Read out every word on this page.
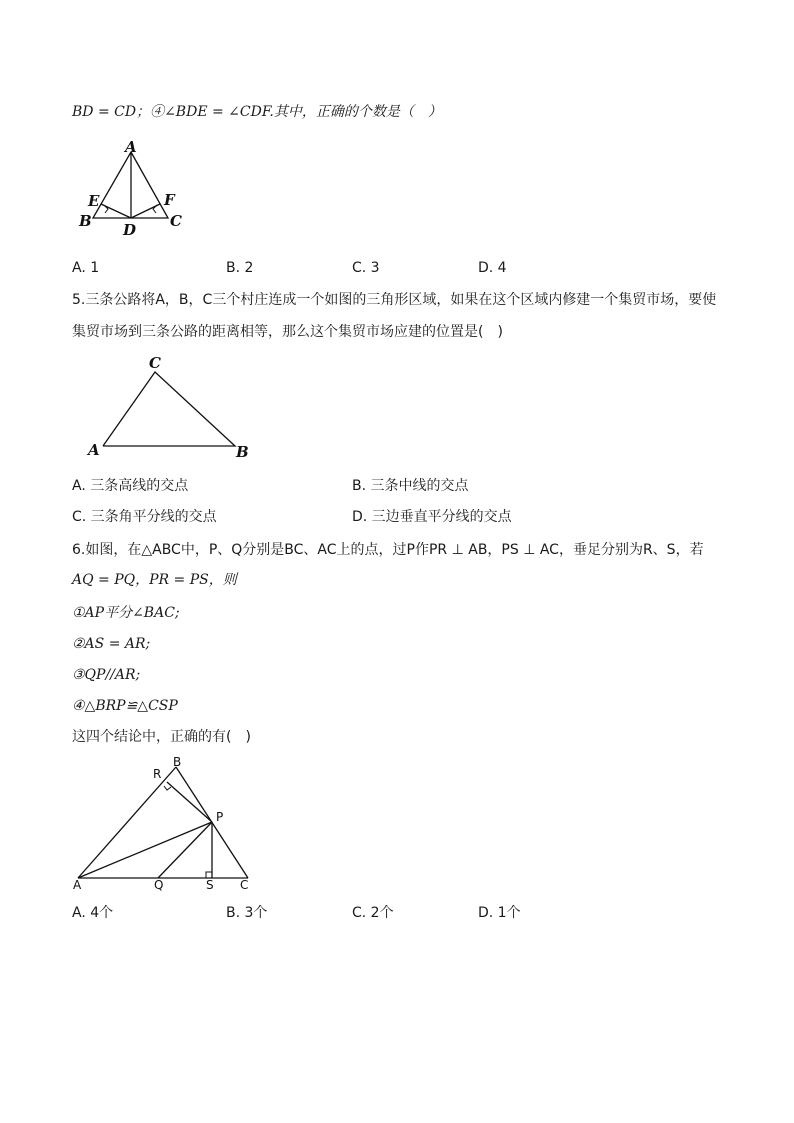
BD = CD；④∠BDE = ∠CDF.其中，正确的个数是（　）
A
B	C
D
E	F
A. 1	B. 2	C. 3	D. 4
5.三条公路将A，B，C三个村庄连成一个如图的三角形区域，如果在这个区域内修建一个集贸市场，要使
集贸市场到三条公路的距离相等，那么这个集贸市场应建的位置是(　)
C
A	B
A. 三条高线的交点	B. 三条中线的交点
C. 三条角平分线的交点	D. 三边垂直平分线的交点
6.如图，在△ABC中，P、Q分别是BC、AC上的点，过P作PR ⊥ AB，PS ⊥ AC，垂足分别为R、S，若
AQ = PQ，PR = PS，则
①AP平分∠BAC;
②AS = AR;
③QP//AR;
④△BRP≌△CSP
这四个结论中，正确的有(　)
B
R
P
A	Q	S C
A. 4个	B. 3个	C. 2个	D. 1个
